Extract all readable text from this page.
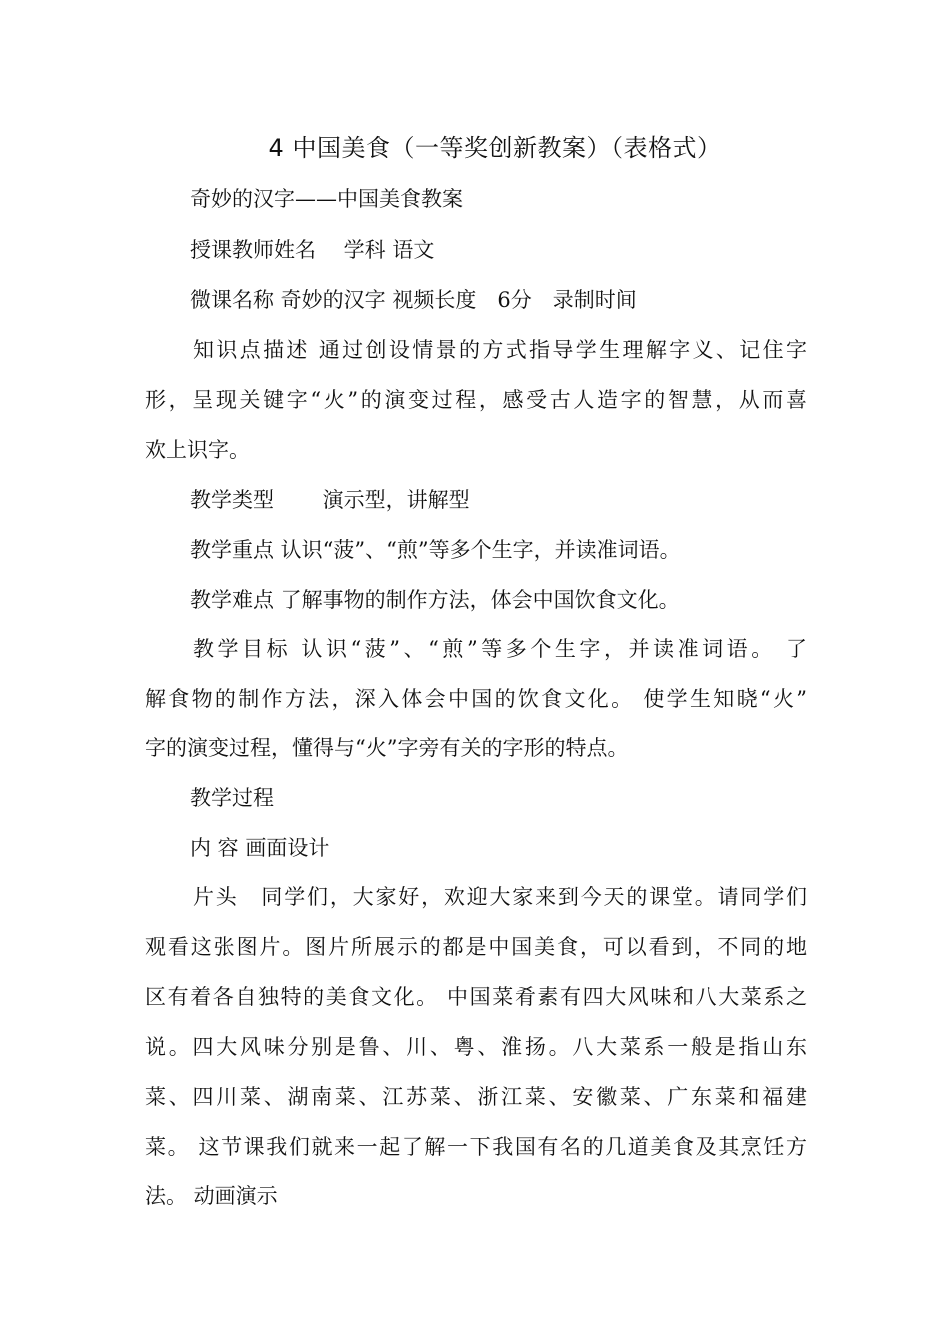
4 中国美食（一等奖创新教案）（表格式）

奇妙的汉字——中国美食教案

授课教师姓名　 学科 语文

微课名称 奇妙的汉字 视频长度　6分　录制时间

知识点描述 通过创设情景的方式指导学生理解字义、记住字

形，呈现关键字“火”的演变过程，感受古人造字的智慧，从而喜

欢上识字。

教学类型　　 演示型，讲解型

教学重点 认识“菠”、“煎”等多个生字，并读准词语。

教学难点 了解事物的制作方法，体会中国饮食文化。

教学目标 认识“菠”、“煎”等多个生字，并读准词语。 了

解食物的制作方法，深入体会中国的饮食文化。 使学生知晓“火”

字的演变过程，懂得与“火”字旁有关的字形的特点。

教学过程

内 容 画面设计

片头　同学们，大家好，欢迎大家来到今天的课堂。请同学们

观看这张图片。图片所展示的都是中国美食，可以看到，不同的地

区有着各自独特的美食文化。 中国菜肴素有四大风味和八大菜系之

说。四大风味分别是鲁、川、粤、淮扬。八大菜系一般是指山东

菜、四川菜、湖南菜、江苏菜、浙江菜、安徽菜、广东菜和福建

菜。 这节课我们就来一起了解一下我国有名的几道美食及其烹饪方

法。 动画演示
